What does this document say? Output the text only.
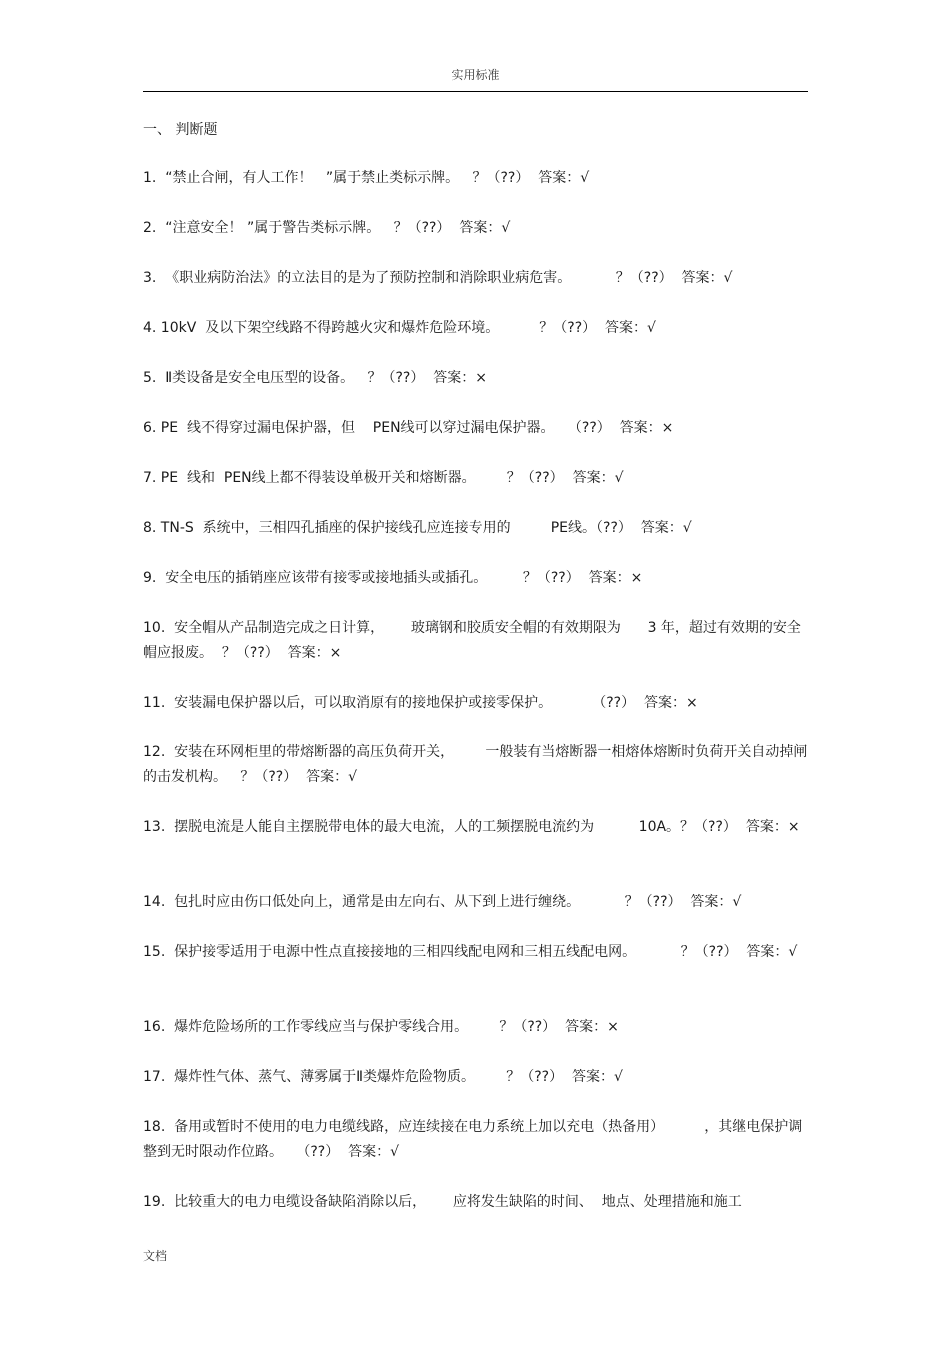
实用标准
一、 判断题

1.  “禁止合闸，有人工作！   ”属于禁止类标示牌。   ？（??）  答案：√

2.  “注意安全！ ”属于警告类标示牌。   ？（??）  答案：√

3.  《职业病防治法》的立法目的是为了预防控制和消除职业病危害。          ？（??）  答案：√

4. 10kV  及以下架空线路不得跨越火灾和爆炸危险环境。         ？（??）  答案：√

5.  Ⅱ类设备是安全电压型的设备。   ？（??）  答案：×

6. PE  线不得穿过漏电保护器，但    PEN线可以穿过漏电保护器。   （??）  答案：×

7. PE  线和  PEN线上都不得装设单极开关和熔断器。       ？（??）  答案：√

8. TN-S  系统中，三相四孔插座的保护接线孔应连接专用的         PE线。（??）  答案：√

9.  安全电压的插销座应该带有接零或接地插头或插孔。        ？（??）  答案：×

10.  安全帽从产品制造完成之日计算，      玻璃钢和胶质安全帽的有效期限为      3 年，超过有效期的安全帽应报废。  ？（??）  答案：×

11.  安装漏电保护器以后，可以取消原有的接地保护或接零保护。         （??）  答案：×

12.  安装在环网柜里的带熔断器的高压负荷开关，       一般装有当熔断器一相熔体熔断时负荷开关自动掉闸的击发机构。   ？（??）  答案：√

13.  摆脱电流是人能自主摆脱带电体的最大电流，人的工频摆脱电流约为          10A。？（??）  答案：×

14.  包扎时应由伤口低处向上，通常是由左向右、从下到上进行缠绕。          ？（??）  答案：√

15.  保护接零适用于电源中性点直接接地的三相四线配电网和三相五线配电网。          ？（??）  答案：√

16.  爆炸危险场所的工作零线应当与保护零线合用。       ？（??）  答案：×

17.  爆炸性气体、蒸气、薄雾属于Ⅱ类爆炸危险物质。       ？（??）  答案：√

18.  备用或暂时不使用的电力电缆线路，应连续接在电力系统上加以充电（热备用）         ，其继电保护调整到无时限动作位路。   （??）  答案：√

19.  比较重大的电力电缆设备缺陷消除以后，      应将发生缺陷的时间、  地点、处理措施和施工

文档
